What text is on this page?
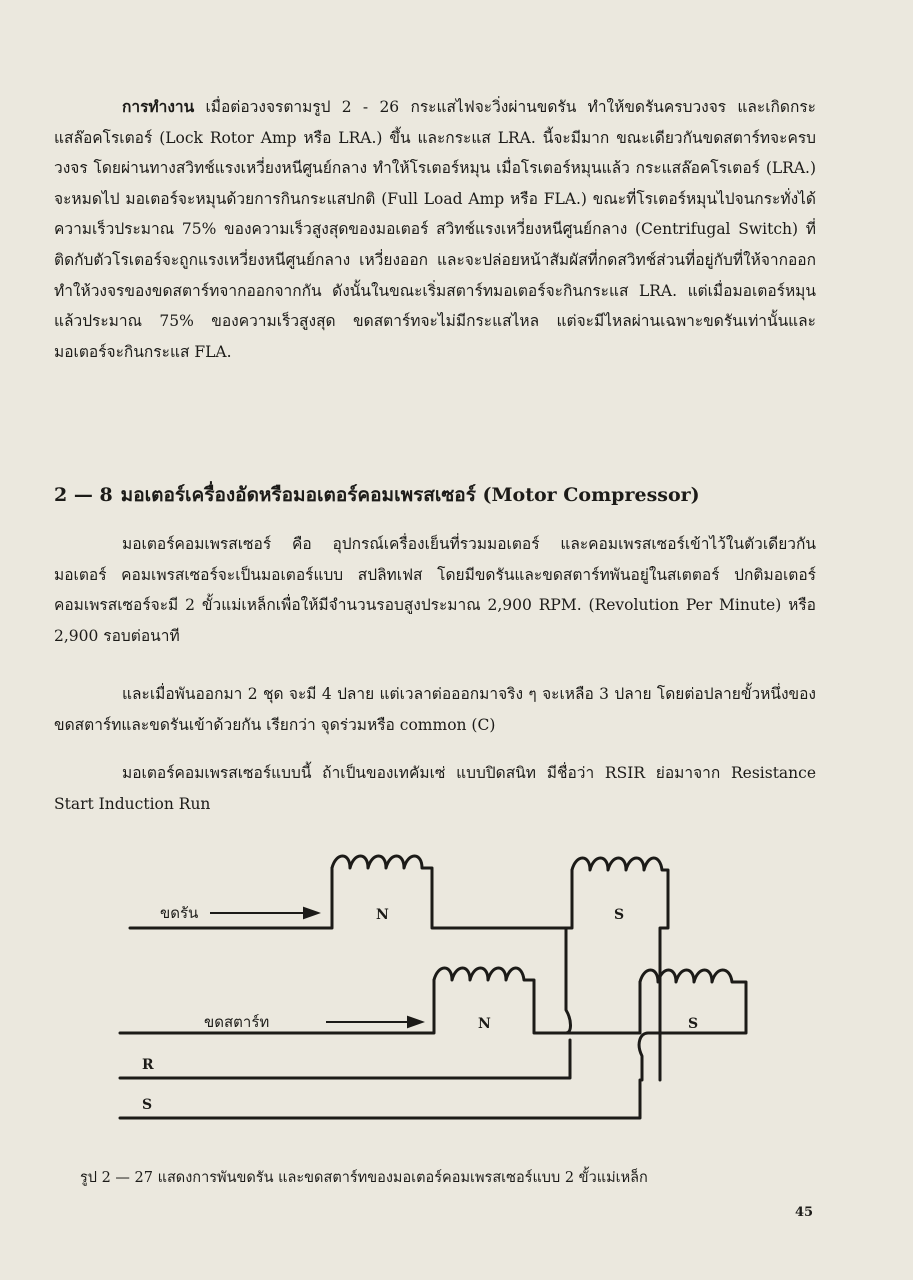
การทำงาน เมื่อต่อวงจรตามรูป 2 - 26 กระแสไฟจะวิ่งผ่านขดรัน ทำให้ขดรันครบวงจร และเกิดกระแสล๊อคโรเตอร์ (Lock Rotor Amp หรือ LRA.) ขึ้น และกระแส LRA. นี้จะมีมาก ขณะเดียวกันขดสตาร์ทจะครบวงจร โดยผ่านทางสวิทช์แรงเหวี่ยงหนีศูนย์กลาง ทำให้โรเตอร์หมุน เมื่อโรเตอร์หมุนแล้ว กระแสล๊อคโรเตอร์ (LRA.) จะหมดไป มอเตอร์จะหมุนด้วยการกินกระแสปกติ (Full Load Amp หรือ FLA.) ขณะที่โรเตอร์หมุนไปจนกระทั่งได้ความเร็วประมาณ 75% ของความเร็วสูงสุดของมอเตอร์ สวิทช์แรงเหวี่ยงหนีศูนย์กลาง (Centrifugal Switch) ที่ติดกับตัวโรเตอร์จะถูกแรงเหวี่ยงหนีศูนย์กลาง เหวี่ยงออก และจะปล่อยหน้าสัมผัสที่กดสวิทช์ส่วนที่อยู่กับที่ให้จากออก ทำให้วงจรของขดสตาร์ทจากออกจากกัน ดังนั้นในขณะเริ่มสตาร์ทมอเตอร์จะกินกระแส LRA. แต่เมื่อมอเตอร์หมุนแล้วประมาณ 75% ของความเร็วสูงสุด ขดสตาร์ทจะไม่มีกระแสไหล แต่จะมีไหลผ่านเฉพาะขดรันเท่านั้นและมอเตอร์จะกินกระแส FLA.

2 — 8 มอเตอร์เครื่องอัดหรือมอเตอร์คอมเพรสเซอร์ (Motor Compressor)

มอเตอร์คอมเพรสเซอร์ คือ อุปกรณ์เครื่องเย็นที่รวมมอเตอร์ และคอมเพรสเซอร์เข้าไว้ในตัวเดียวกัน มอเตอร์ คอมเพรสเซอร์จะเป็นมอเตอร์แบบ สปลิทเฟส โดยมีขดรันและขดสตาร์ทพันอยู่ในสเตตอร์ ปกติมอเตอร์คอมเพรสเซอร์จะมี 2 ขั้วแม่เหล็กเพื่อให้มีจำนวนรอบสูงประมาณ 2,900 RPM. (Revolution Per Minute) หรือ 2,900 รอบต่อนาที

และเมื่อพันออกมา 2 ชุด จะมี 4 ปลาย แต่เวลาต่อออกมาจริง ๆ จะเหลือ 3 ปลาย โดยต่อปลายขั้วหนึ่งของขดสตาร์ทและขดรันเข้าด้วยกัน เรียกว่า จุดร่วมหรือ common (C)

มอเตอร์คอมเพรสเซอร์แบบนี้ ถ้าเป็นของเทคัมเซ่ แบบปิดสนิท มีชื่อว่า RSIR ย่อมาจาก Resistance Start Induction Run

ขดรัน
ขดสตาร์ท
N	S
N	S
R
S

รูป 2 — 27 แสดงการพันขดรัน และขดสตาร์ทของมอเตอร์คอมเพรสเซอร์แบบ 2 ขั้วแม่เหล็ก

45
